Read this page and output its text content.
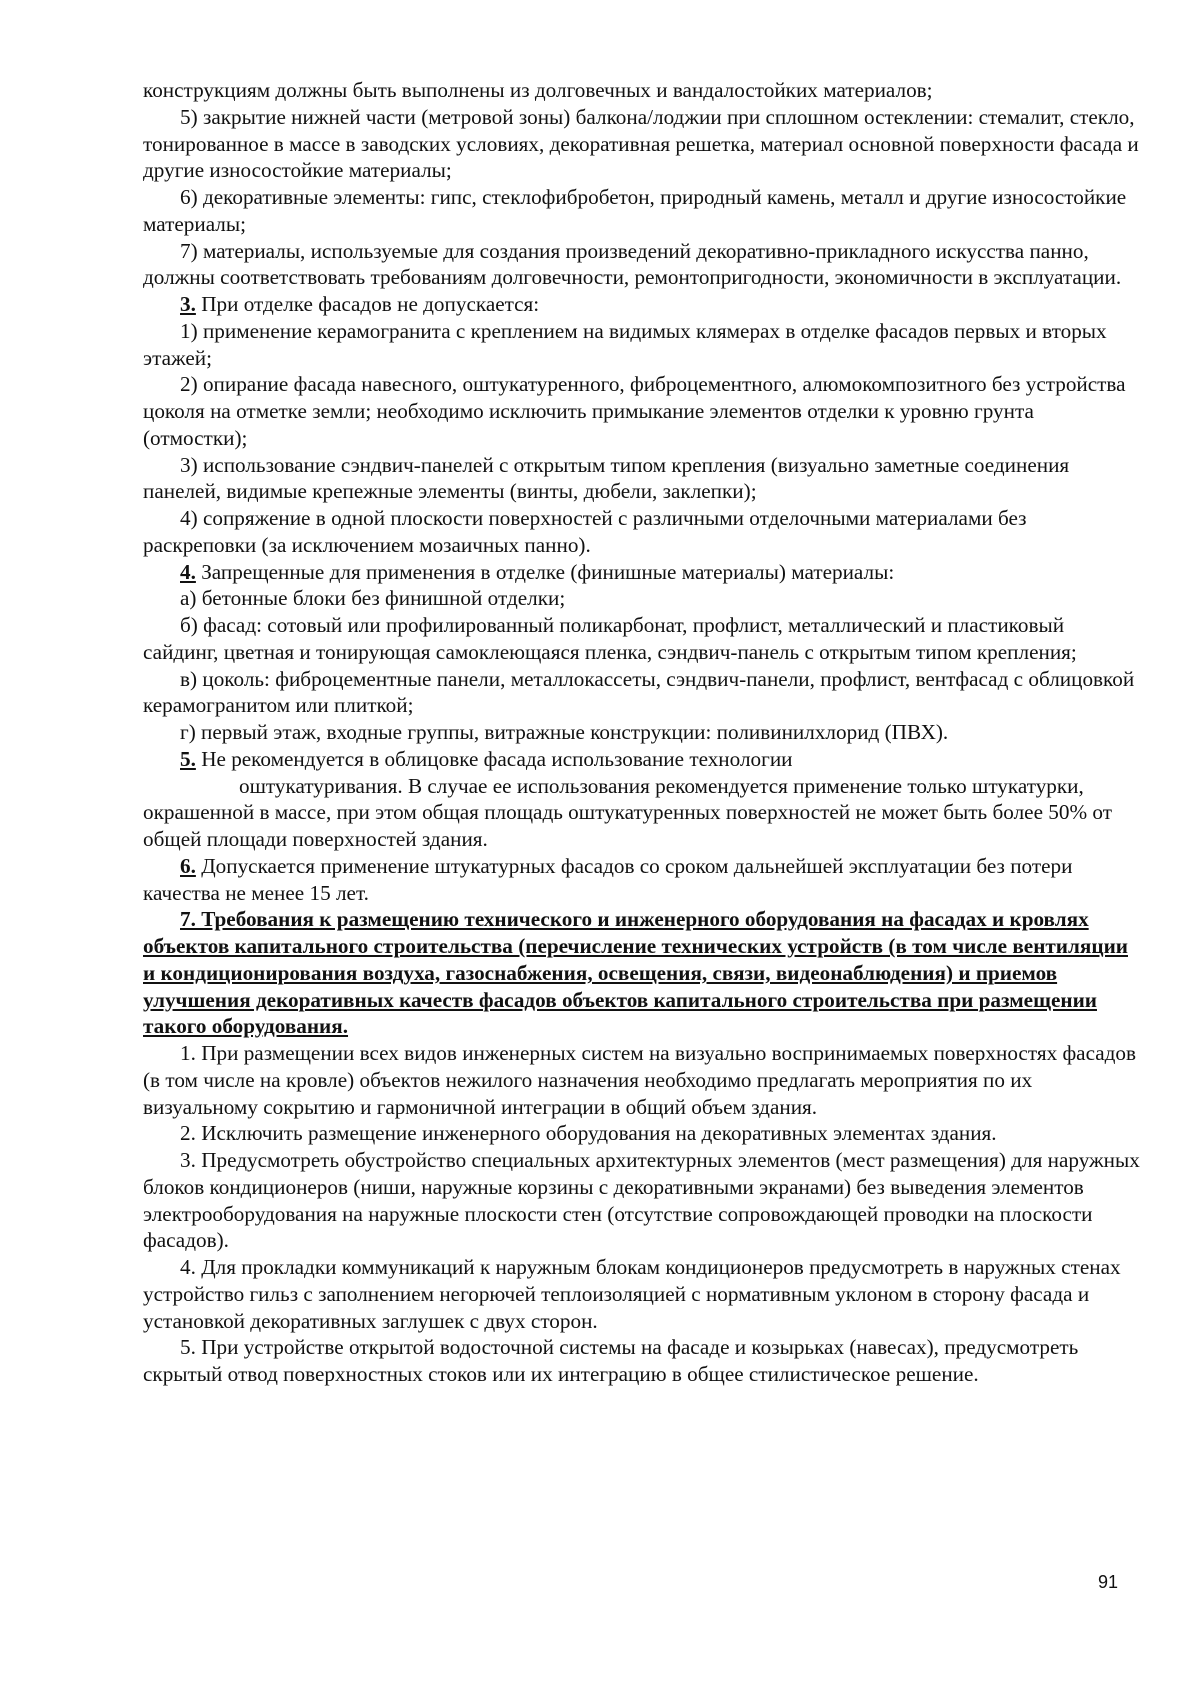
конструкциям должны быть выполнены из долговечных и вандалостойких материалов;

5) закрытие нижней части (метровой зоны) балкона/лоджии при сплошном остеклении: стемалит, стекло, тонированное в массе в заводских условиях, декоративная решетка, материал основной поверхности фасада и другие износостойкие материалы;

6) декоративные элементы: гипс, стеклофибробетон, природный камень, металл и другие износостойкие материалы;

7) материалы, используемые для создания произведений декоративно-прикладного искусства панно, должны соответствовать требованиям долговечности, ремонтопригодности, экономичности в эксплуатации.

3. При отделке фасадов не допускается:

1) применение керамогранита с креплением на видимых клямерах в отделке фасадов первых и вторых этажей;

2) опирание фасада навесного, оштукатуренного, фиброцементного, алюмокомпозитного без устройства цоколя на отметке земли; необходимо исключить примыкание элементов отделки к уровню грунта (отмостки);

3) использование сэндвич-панелей с открытым типом крепления (визуально заметные соединения панелей, видимые крепежные элементы (винты, дюбели, заклепки);

4) сопряжение в одной плоскости поверхностей с различными отделочными материалами без раскреповки (за исключением мозаичных панно).

4. Запрещенные для применения в отделке (финишные материалы) материалы:

а) бетонные блоки без финишной отделки;

б) фасад: сотовый или профилированный поликарбонат, профлист, металлический и пластиковый сайдинг, цветная и тонирующая самоклеющаяся пленка, сэндвич-панель с открытым типом крепления;

в) цоколь: фиброцементные панели, металлокассеты, сэндвич-панели, профлист, вентфасад с облицовкой керамогранитом или плиткой;

г) первый этаж, входные группы, витражные конструкции: поливинилхлорид (ПВХ).

5. Не рекомендуется в облицовке фасада использование технологии

оштукатуривания. В случае ее использования рекомендуется применение только штукатурки, окрашенной в массе, при этом общая площадь оштукатуренных поверхностей не может быть более 50% от общей площади поверхностей здания.

6. Допускается применение штукатурных фасадов со сроком дальнейшей эксплуатации без потери качества не менее 15 лет.

7. Требования к размещению технического и инженерного оборудования на фасадах и кровлях объектов капитального строительства (перечисление технических устройств (в том числе вентиляции и кондиционирования воздуха, газоснабжения, освещения, связи, видеонаблюдения) и приемов улучшения декоративных качеств фасадов объектов капитального строительства при размещении такого оборудования.

1. При размещении всех видов инженерных систем на визуально воспринимаемых поверхностях фасадов (в том числе на кровле) объектов нежилого назначения необходимо предлагать мероприятия по их визуальному сокрытию и гармоничной интеграции в общий объем здания.

2. Исключить размещение инженерного оборудования на декоративных элементах здания.

3. Предусмотреть обустройство специальных архитектурных элементов (мест размещения) для наружных блоков кондиционеров (ниши, наружные корзины с декоративными экранами) без выведения элементов электрооборудования на наружные плоскости стен (отсутствие сопровождающей проводки на плоскости фасадов).

4. Для прокладки коммуникаций к наружным блокам кондиционеров предусмотреть в наружных стенах устройство гильз с заполнением негорючей теплоизоляцией с нормативным уклоном в сторону фасада и установкой декоративных заглушек с двух сторон.

5. При устройстве открытой водосточной системы на фасаде и козырьках (навесах), предусмотреть скрытый отвод поверхностных стоков или их интеграцию в общее стилистическое решение.

91
